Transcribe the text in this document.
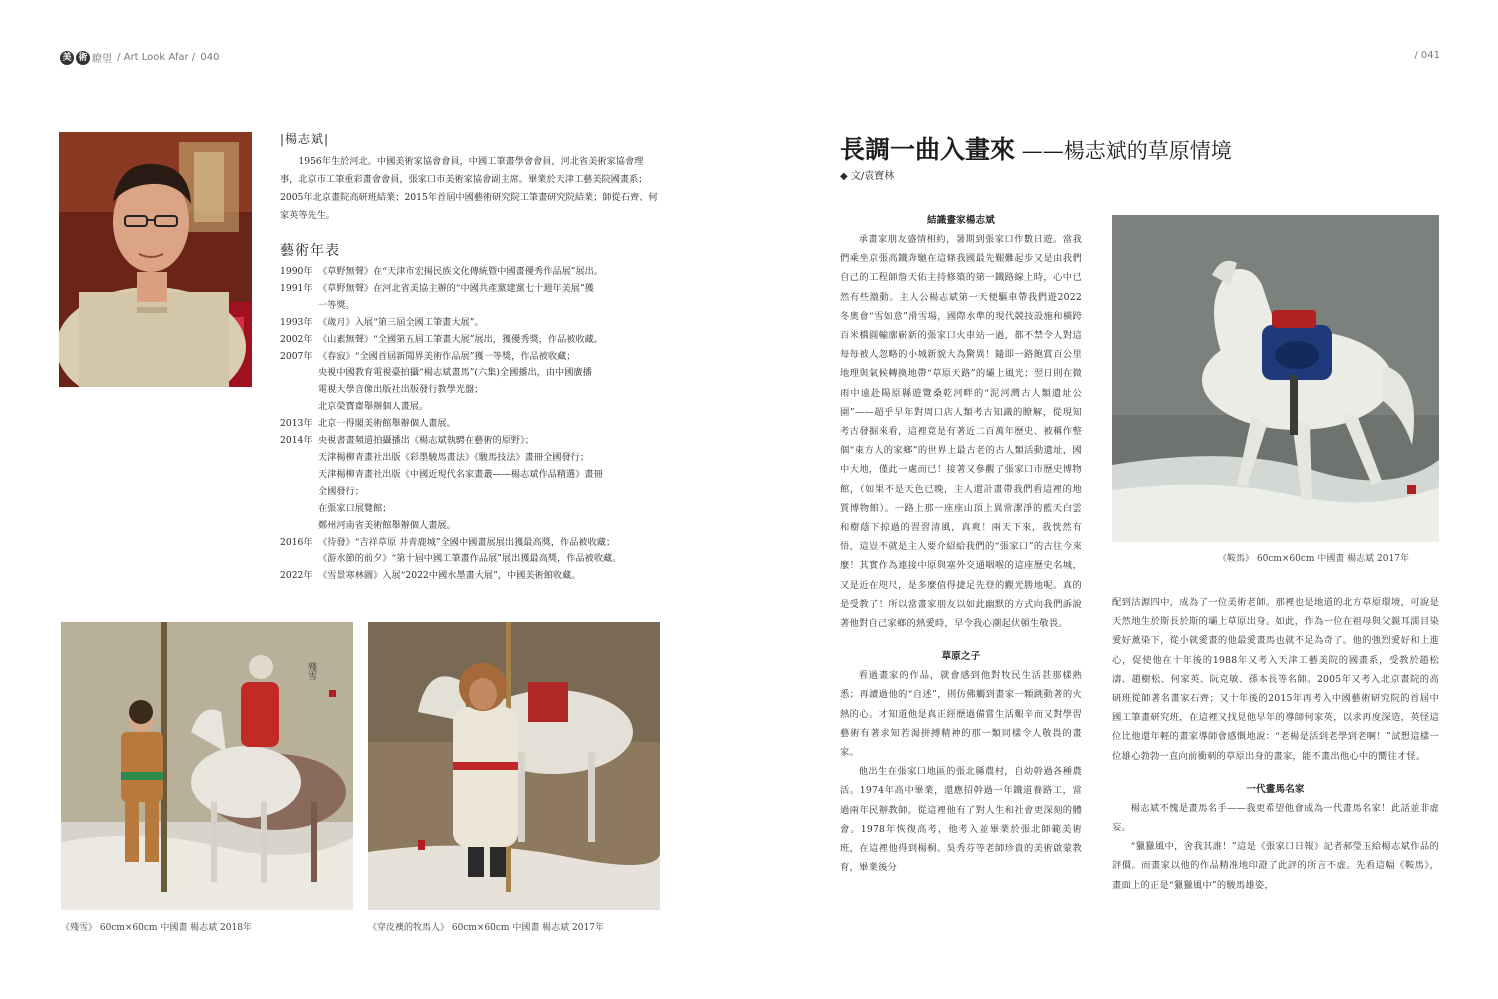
美 術 瞭望 / Art Look Afar / 040	/ 041
|楊志斌|

1956年生於河北。中國美術家協會會員，中國工筆畫學會會員，河北省美術家協會理事，北京市工筆重彩畫會會員，張家口市美術家協會副主席。畢業於天津工藝美院國畫系；2005年北京畫院高研班結業；2015年首屆中國藝術研究院工筆畫研究院結業；師從石齊、何家英等先生。

藝術年表
1990年 《草野無聲》在“天津市宏揚民族文化傳統暨中國畫優秀作品展”展出。
1991年 《草野無聲》在河北省美協主辦的“中國共產黨建黨七十週年美展”獲
一等獎。
1993年 《歲月》入展“第三屆全國工筆畫大展”。
2002年 《山素無聲》“全國第五屆工筆畫大展”展出，獲優秀獎，作品被收藏。
2007年 《春寂》“全國首屆新聞界美術作品展”獲一等獎，作品被收藏；
央視中國教育電視臺拍攝“楊志斌畫馬”(六集)全國播出，由中國廣播
電視大學音像出版社出版發行教學光盤；
北京榮寶齋舉辦個人畫展。
2013年 北京一得閣美術館舉辦個人畫展。
2014年 央視書畫頻道拍攝播出《楊志斌執騁在藝術的原野》；
天津楊柳青畫社出版《彩墨駿馬畫法》《駿馬技法》畫冊全國發行；
天津楊柳青畫社出版《中國近現代名家畫叢——楊志斌作品精選》畫冊
全國發行；
在張家口展覽館；
鄭州河南省美術館舉辦個人畫展。
2016年 《待發》“吉祥草原 井青鹿城”全國中國畫展展出獲最高獎，作品被收藏；
《游水節的前夕》“第十屆中國工筆畫作品展”展出獲最高獎，作品被收藏。
2022年 《雪景寒林圖》入展“2022中國水墨畫大展”，中國美術館收藏。
殘雪
《殘雪》 60cm×60cm 中國畫 楊志斌 2018年	《穿皮襖的牧馬人》 60cm×60cm 中國畫 楊志斌 2017年
《鞍馬》 60cm×60cm 中國畫 楊志斌 2017年
長調一曲入畫來 ——楊志斌的草原情境
◆ 文/袁寶林
結識畫家楊志斌

承畫家朋友盛情相約，暑期到張家口作數日遊。當我們乘坐京張高鐵奔馳在這條我國最先艱難起步又是由我們自己的工程師詹天佑主持修築的第一鐵路線上時，心中已然有些激動。主人公楊志斌第一天便驅車帶我們遊2022冬奧會“雪如意”滑雪場，國際水準的現代競技設施和橫跨百米橋圓輸廓嶄新的張家口火車站一過，都不禁令人對這每每被人忽略的小城新貌大為驚異！隨即一路飽賞百公里地理與氣候轉換地帶“草原天路”的壩上風光；翌日則在微雨中遠赴陽原縣遊覽桑乾河畔的“泥河灣古人類遺址公園”——超乎早年對周口店人類考古知識的瞭解，從現知考古發掘來看，這裡竟是有著近二百萬年歷史、被稱作整個“東方人的家鄉”的世界上最古老的古人類活動遺址，國中大地，僅此一處而已！接著又參觀了張家口市歷史博物館，（如果不是天色已晚，主人還計畫帶我們看這裡的地質博物館）。一路上那一座座山頂上異常潔淨的藍天白雲和樹蔭下掠過的習習清風，真爽！兩天下來，我恍然有悟，這豈不就是主人要介紹給我們的“張家口”的古往今來麼！其實作為連接中原與塞外交通咽喉的這座歷史名城，又是近在咫尺，是多麼值得捷足先登的觀光勝地呢。真的是受教了！所以當畫家朋友以如此幽默的方式向我們訴說著他對自己家鄉的熱愛時，早令我心潮起伏頓生敬畏。

草原之子

看過畫家的作品，就會感到他對牧民生活甚那樣熟悉；再讀過他的“自述”，則仿佛觸到畫家一顆跳動著的火熱的心。才知道他是真正經歷過備嘗生活艱辛而又對學習藝術有著求知若渴拼搏精神的那一類同樣令人敬畏的畫家。

他出生在張家口地區的張北縣農村，自幼幹過各種農活。1974年高中畢業，還應招幹過一年鐵道養路工，當過兩年民辦教師。從這裡他有了對人生和社會更深刻的體會。1978年恢復高考，他考入並畢業於張北師範美術班，在這裡他得到楊桐、吳秀芬等老師珍貴的美術啟蒙教育，畢業後分

配到沽源四中，成為了一位美術老師。那裡也是地道的北方草原環境，可說是天然地生於斯長於斯的壩上草原出身。如此，作為一位在祖母與父親耳濡目染愛好薰染下，從小就愛畫的他最愛畫馬也就不足為奇了。他的強烈愛好和上進心，促使他在十年後的1988年又考入天津工藝美院的國畫系，受教於趙松濤、趙樹松、何家英、阮克敏、孫本長等名師。2005年又考入北京畫院的高研班從師著名畫家石齊；又十年後的2015年再考入中國藝術研究院的首屆中國工筆畫研究班，在這裡又找見他早年的導師何家英，以求再度深造，英怪這位比他還年輕的畫家導師會感慨地說：“老楊是活到老學到老啊！”試想這樣一位雄心勃勃一直向前衝刺的草原出身的畫家，能不畫出他心中的嚮往才怪。

一代畫馬名家

楊志斌不愧是畫馬名手——我更希望他會成為一代畫馬名家！此話並非虛妄。

“獵獵風中，舍我其誰！”這是《張家口日報》記者郝瑩玉給楊志斌作品的評價。而畫家以他的作品精准地印證了此評的所言不虛。先看這幅《鞍馬》，畫面上的正是“獵獵風中”的駿馬雄姿，
